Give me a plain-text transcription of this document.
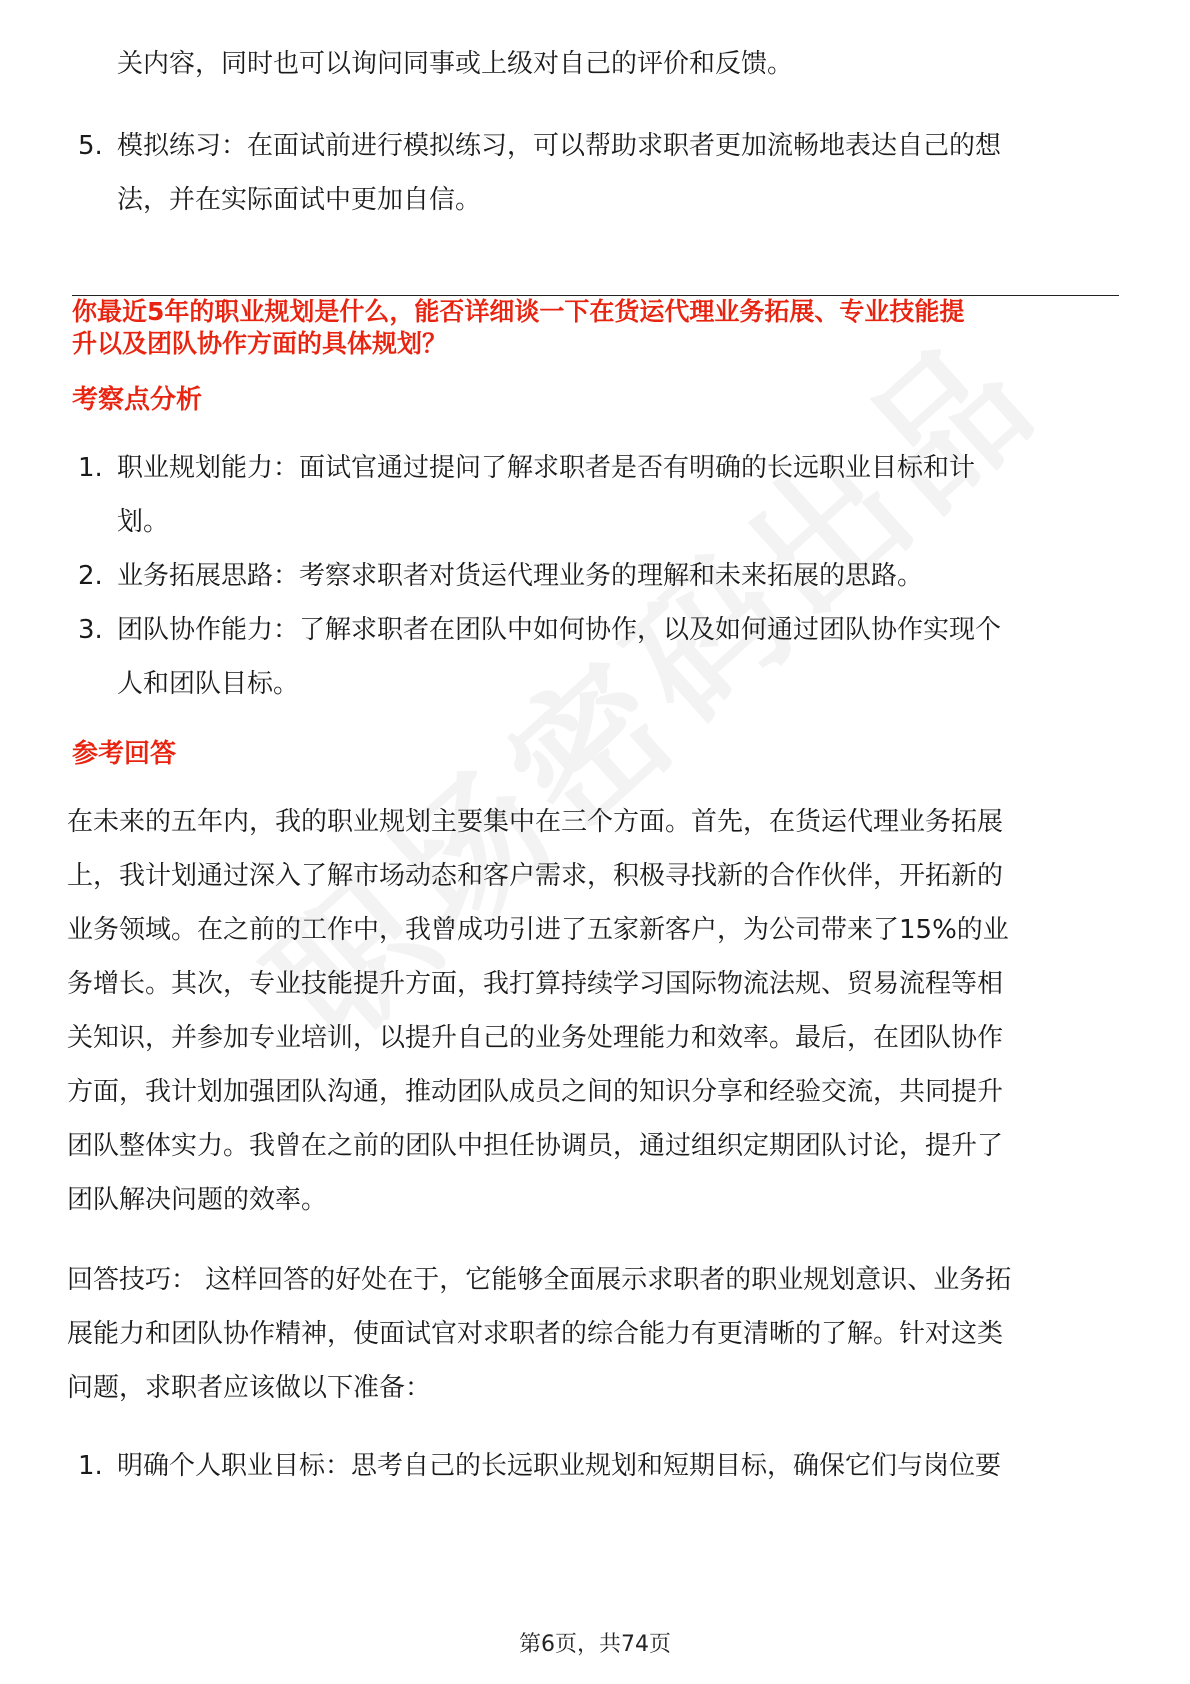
关内容，同时也可以询问同事或上级对自己的评价和反馈。
5. 模拟练习：在面试前进行模拟练习，可以帮助求职者更加流畅地表达自己的想
法，并在实际面试中更加自信。
你最近5年的职业规划是什么，能否详细谈一下在货运代理业务拓展、专业技能提
升以及团队协作方面的具体规划？
考察点分析
1. 职业规划能力：面试官通过提问了解求职者是否有明确的长远职业目标和计
划。
2. 业务拓展思路：考察求职者对货运代理业务的理解和未来拓展的思路。
3. 团队协作能力：了解求职者在团队中如何协作，以及如何通过团队协作实现个
人和团队目标。
参考回答
在未来的五年内，我的职业规划主要集中在三个方面。首先，在货运代理业务拓展
上，我计划通过深入了解市场动态和客户需求，积极寻找新的合作伙伴，开拓新的
业务领域。在之前的工作中，我曾成功引进了五家新客户，为公司带来了15%的业
务增长。其次，专业技能提升方面，我打算持续学习国际物流法规、贸易流程等相
关知识，并参加专业培训，以提升自己的业务处理能力和效率。最后，在团队协作
方面，我计划加强团队沟通，推动团队成员之间的知识分享和经验交流，共同提升
团队整体实力。我曾在之前的团队中担任协调员，通过组织定期团队讨论，提升了
团队解决问题的效率。
回答技巧： 这样回答的好处在于，它能够全面展示求职者的职业规划意识、业务拓
展能力和团队协作精神，使面试官对求职者的综合能力有更清晰的了解。针对这类
问题，求职者应该做以下准备：
1. 明确个人职业目标：思考自己的长远职业规划和短期目标，确保它们与岗位要
第6页，共74页
